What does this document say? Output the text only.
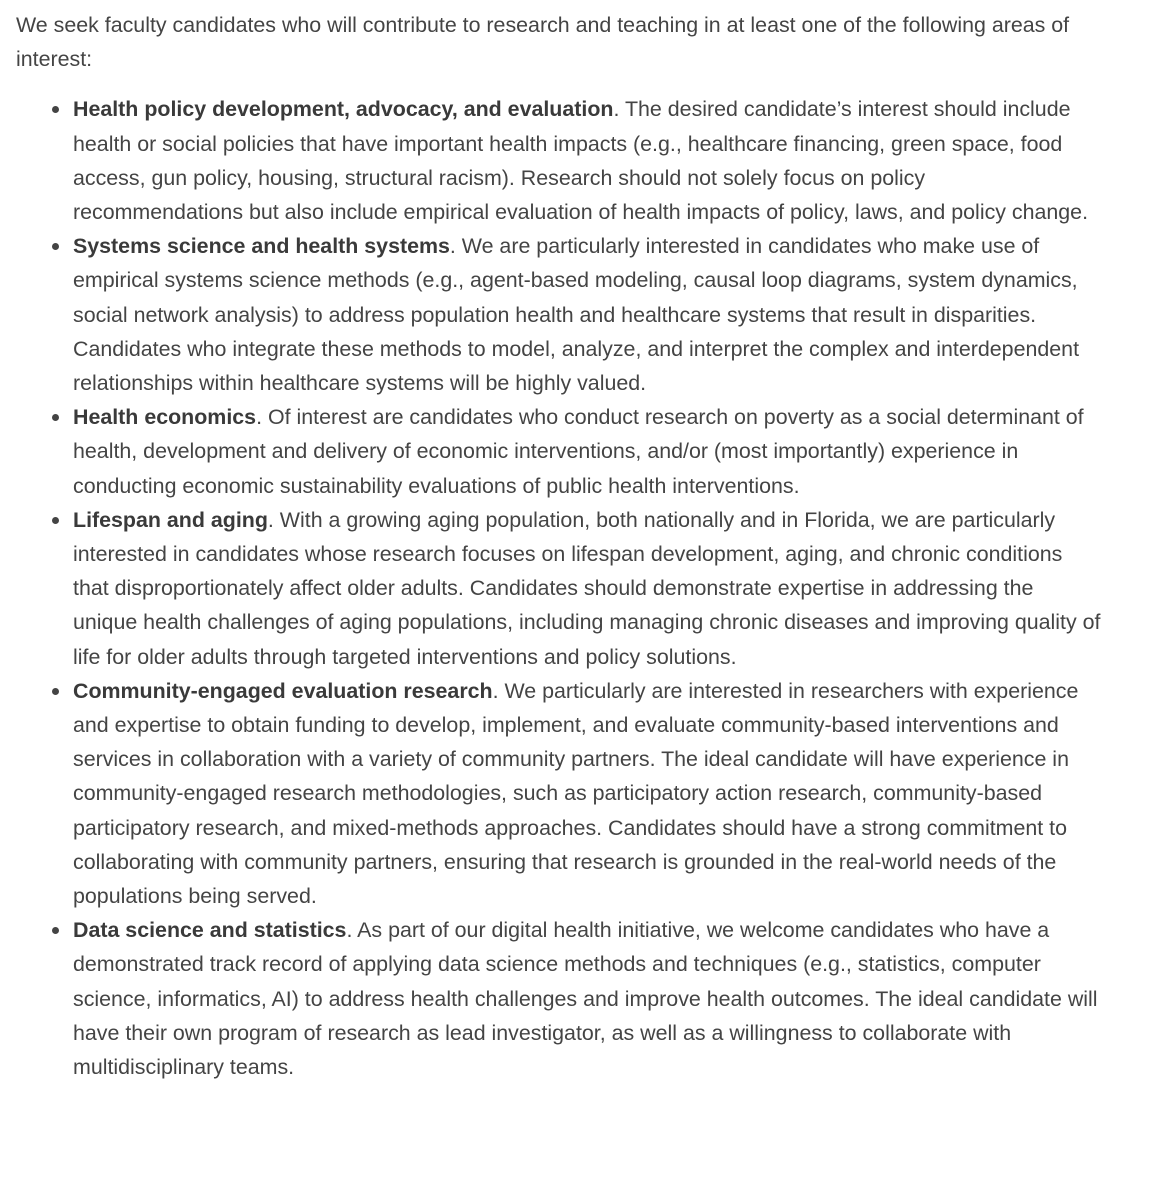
We seek faculty candidates who will contribute to research and teaching in at least one of the following areas of interest:

Health policy development, advocacy, and evaluation. The desired candidate’s interest should include health or social policies that have important health impacts (e.g., healthcare financing, green space, food access, gun policy, housing, structural racism). Research should not solely focus on policy recommendations but also include empirical evaluation of health impacts of policy, laws, and policy change.
Systems science and health systems. We are particularly interested in candidates who make use of empirical systems science methods (e.g., agent-based modeling, causal loop diagrams, system dynamics, social network analysis) to address population health and healthcare systems that result in disparities. Candidates who integrate these methods to model, analyze, and interpret the complex and interdependent relationships within healthcare systems will be highly valued.
Health economics. Of interest are candidates who conduct research on poverty as a social determinant of health, development and delivery of economic interventions, and/or (most importantly) experience in conducting economic sustainability evaluations of public health interventions.
Lifespan and aging. With a growing aging population, both nationally and in Florida, we are particularly interested in candidates whose research focuses on lifespan development, aging, and chronic conditions that disproportionately affect older adults. Candidates should demonstrate expertise in addressing the unique health challenges of aging populations, including managing chronic diseases and improving quality of life for older adults through targeted interventions and policy solutions.
Community-engaged evaluation research. We particularly are interested in researchers with experience and expertise to obtain funding to develop, implement, and evaluate community-based interventions and services in collaboration with a variety of community partners. The ideal candidate will have experience in community-engaged research methodologies, such as participatory action research, community-based participatory research, and mixed-methods approaches. Candidates should have a strong commitment to collaborating with community partners, ensuring that research is grounded in the real-world needs of the populations being served.
Data science and statistics. As part of our digital health initiative, we welcome candidates who have a demonstrated track record of applying data science methods and techniques (e.g., statistics, computer science, informatics, AI) to address health challenges and improve health outcomes. The ideal candidate will have their own program of research as lead investigator, as well as a willingness to collaborate with multidisciplinary teams.
